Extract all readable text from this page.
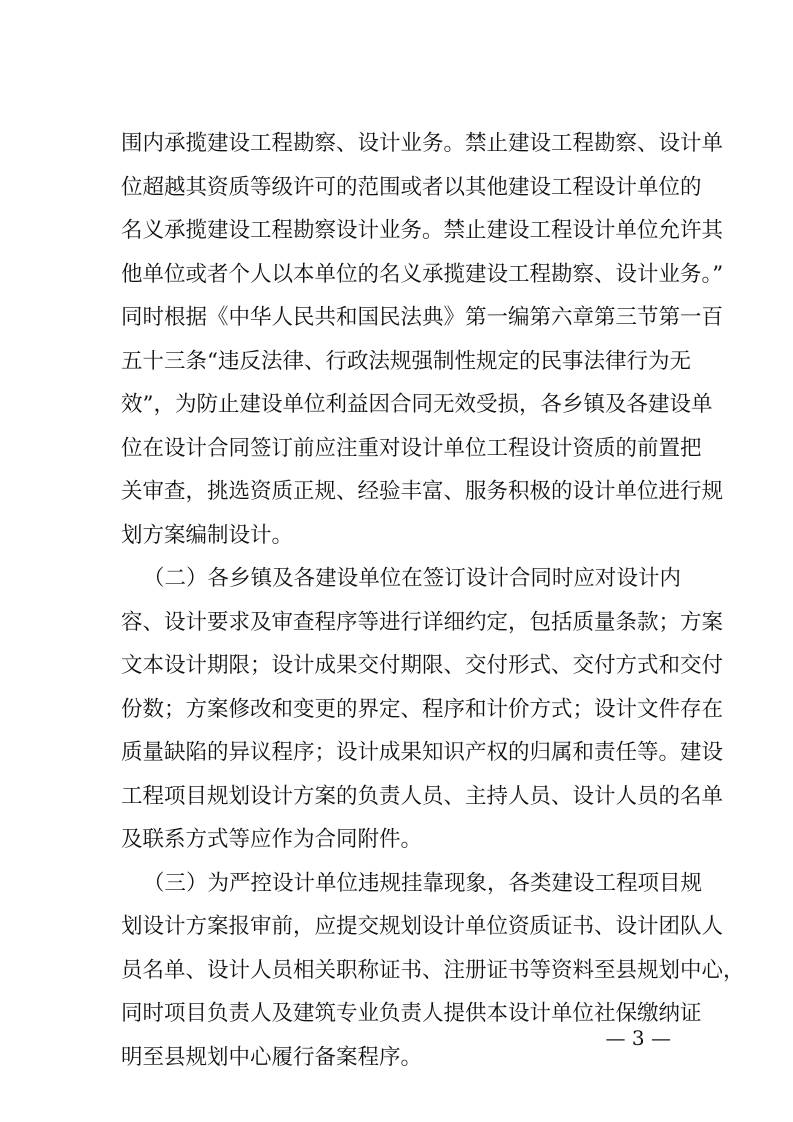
围内承揽建设工程勘察、设计业务。禁止建设工程勘察、设计单
位超越其资质等级许可的范围或者以其他建设工程设计单位的
名义承揽建设工程勘察设计业务。禁止建设工程设计单位允许其
他单位或者个人以本单位的名义承揽建设工程勘察、设计业务。”
同时根据《中华人民共和国民法典》第一编第六章第三节第一百
五十三条“违反法律、行政法规强制性规定的民事法律行为无
效”，为防止建设单位利益因合同无效受损，各乡镇及各建设单
位在设计合同签订前应注重对设计单位工程设计资质的前置把
关审查，挑选资质正规、经验丰富、服务积极的设计单位进行规
划方案编制设计。
（二）各乡镇及各建设单位在签订设计合同时应对设计内
容、设计要求及审查程序等进行详细约定，包括质量条款；方案
文本设计期限；设计成果交付期限、交付形式、交付方式和交付
份数；方案修改和变更的界定、程序和计价方式；设计文件存在
质量缺陷的异议程序；设计成果知识产权的归属和责任等。建设
工程项目规划设计方案的负责人员、主持人员、设计人员的名单
及联系方式等应作为合同附件。
（三）为严控设计单位违规挂靠现象，各类建设工程项目规
划设计方案报审前，应提交规划设计单位资质证书、设计团队人
员名单、设计人员相关职称证书、注册证书等资料至县规划中心，
同时项目负责人及建筑专业负责人提供本设计单位社保缴纳证
明至县规划中心履行备案程序。
— 3 —
